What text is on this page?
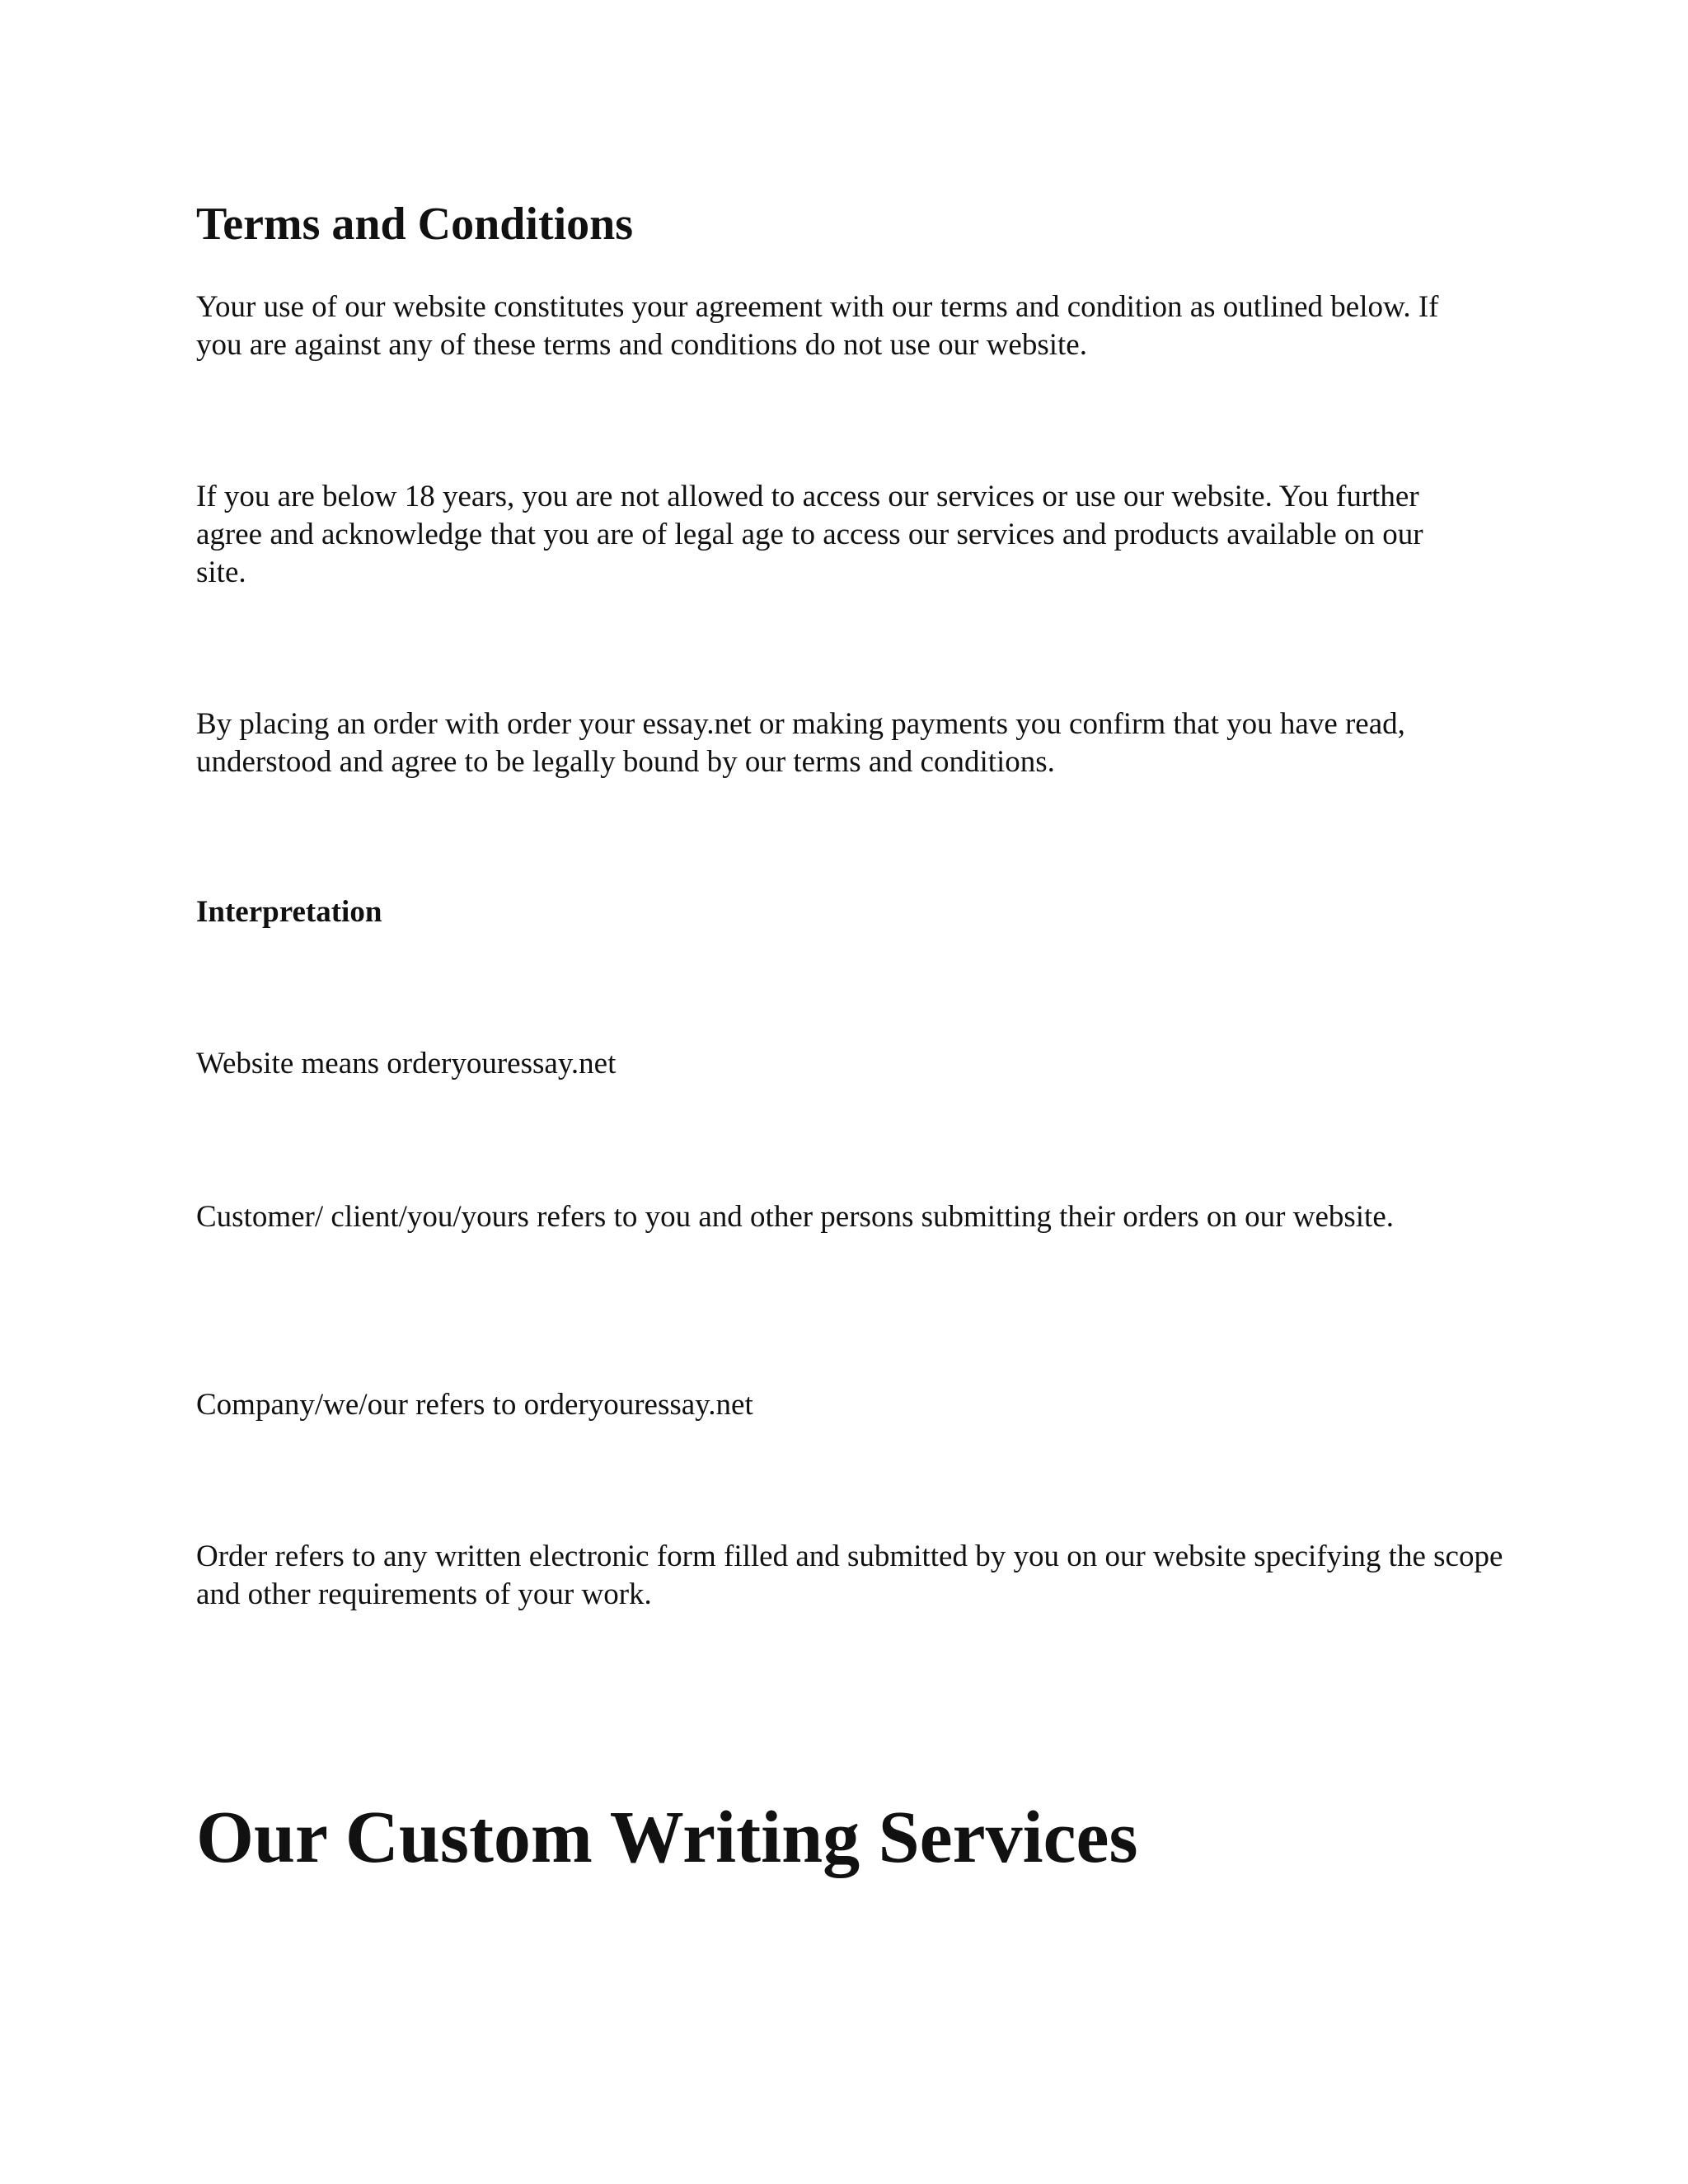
Terms and Conditions

Your use of our website constitutes your agreement with our terms and condition as outlined below. If you are against any of these terms and conditions do not use our website.

If you are below 18 years, you are not allowed to access our services or use our website. You further agree and acknowledge that you are of legal age to access our services and products available on our site.

By placing an order with order your essay.net or making payments you confirm that you have read, understood and agree to be legally bound by our terms and conditions.

Interpretation

Website means orderyouressay.net

Customer/ client/you/yours refers to you and other persons submitting their orders on our website.

Company/we/our refers to orderyouressay.net

Order refers to any written electronic form filled and submitted by you on our website specifying the scope and other requirements of your work.

Our Custom Writing Services
